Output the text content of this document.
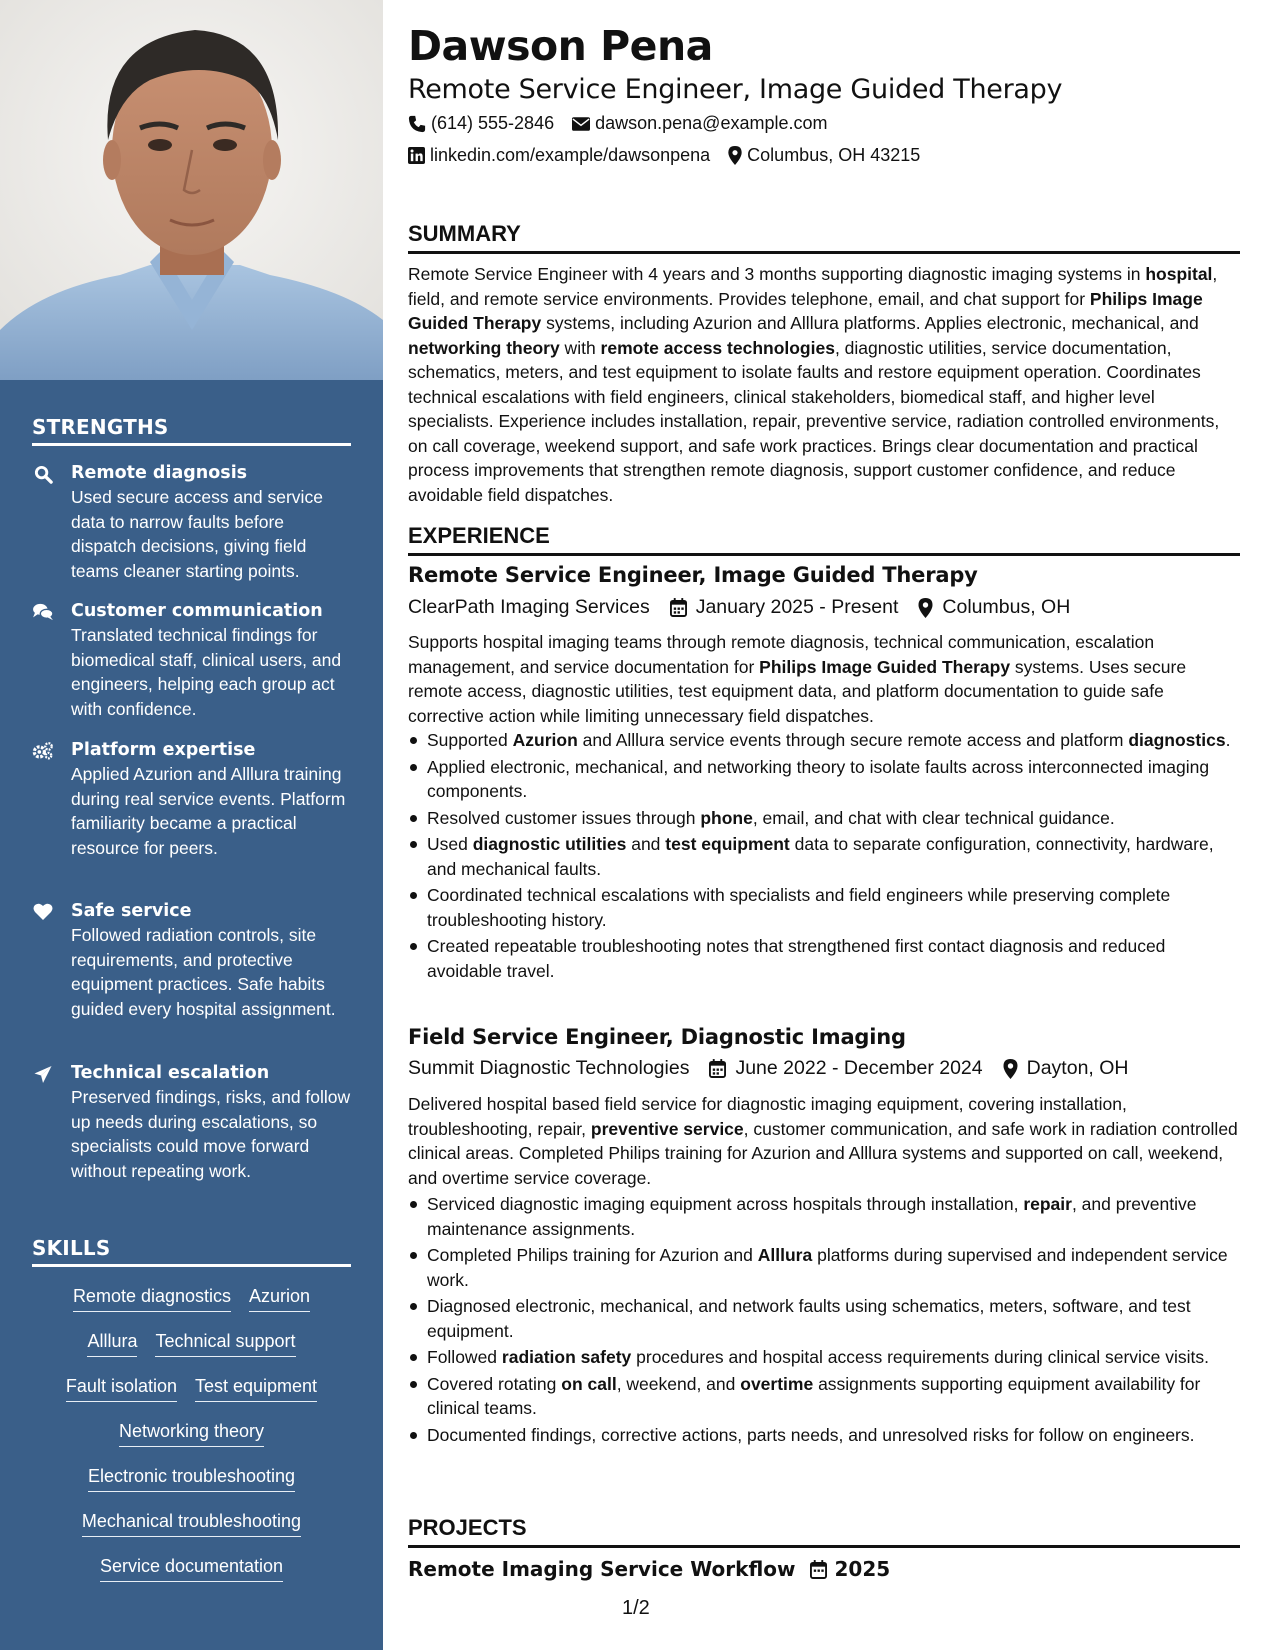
STRENGTHS
Remote diagnosis
Used secure access and service data to narrow faults before dispatch decisions, giving field teams cleaner starting points.
Customer communication
Translated technical findings for biomedical staff, clinical users, and engineers, helping each group act with confidence.
Platform expertise
Applied Azurion and Alllura training during real service events. Platform familiarity became a practical resource for peers.
Safe service
Followed radiation controls, site requirements, and protective equipment practices. Safe habits guided every hospital assignment.
Technical escalation
Preserved findings, risks, and follow up needs during escalations, so specialists could move forward without repeating work.
SKILLS
Remote diagnostics Azurion
Alllura Technical support
Fault isolation Test equipment
Networking theory
Electronic troubleshooting
Mechanical troubleshooting
Service documentation
Dawson Pena
Remote Service Engineer, Image Guided Therapy
(614) 555-2846 dawson.pena@example.com
linkedin.com/example/dawsonpena Columbus, OH 43215
SUMMARY
Remote Service Engineer with 4 years and 3 months supporting diagnostic imaging systems in hospital, field, and remote service environments. Provides telephone, email, and chat support for Philips Image Guided Therapy systems, including Azurion and Alllura platforms. Applies electronic, mechanical, and networking theory with remote access technologies, diagnostic utilities, service documentation, schematics, meters, and test equipment to isolate faults and restore equipment operation. Coordinates technical escalations with field engineers, clinical stakeholders, biomedical staff, and higher level specialists. Experience includes installation, repair, preventive service, radiation controlled environments, on call coverage, weekend support, and safe work practices. Brings clear documentation and practical process improvements that strengthen remote diagnosis, support customer confidence, and reduce avoidable field dispatches.
EXPERIENCE
Remote Service Engineer, Image Guided Therapy
ClearPath Imaging Services January 2025 - Present Columbus, OH
Supports hospital imaging teams through remote diagnosis, technical communication, escalation management, and service documentation for Philips Image Guided Therapy systems. Uses secure remote access, diagnostic utilities, test equipment data, and platform documentation to guide safe corrective action while limiting unnecessary field dispatches.
Supported Azurion and Alllura service events through secure remote access and platform diagnostics.
Applied electronic, mechanical, and networking theory to isolate faults across interconnected imaging components.
Resolved customer issues through phone, email, and chat with clear technical guidance.
Used diagnostic utilities and test equipment data to separate configuration, connectivity, hardware, and mechanical faults.
Coordinated technical escalations with specialists and field engineers while preserving complete troubleshooting history.
Created repeatable troubleshooting notes that strengthened first contact diagnosis and reduced avoidable travel.
Field Service Engineer, Diagnostic Imaging
Summit Diagnostic Technologies June 2022 - December 2024 Dayton, OH
Delivered hospital based field service for diagnostic imaging equipment, covering installation, troubleshooting, repair, preventive service, customer communication, and safe work in radiation controlled clinical areas. Completed Philips training for Azurion and Alllura systems and supported on call, weekend, and overtime service coverage.
Serviced diagnostic imaging equipment across hospitals through installation, repair, and preventive maintenance assignments.
Completed Philips training for Azurion and Alllura platforms during supervised and independent service work.
Diagnosed electronic, mechanical, and network faults using schematics, meters, software, and test equipment.
Followed radiation safety procedures and hospital access requirements during clinical service visits.
Covered rotating on call, weekend, and overtime assignments supporting equipment availability for clinical teams.
Documented findings, corrective actions, parts needs, and unresolved risks for follow on engineers.
PROJECTS
Remote Imaging Service Workflow 2025
1/2
